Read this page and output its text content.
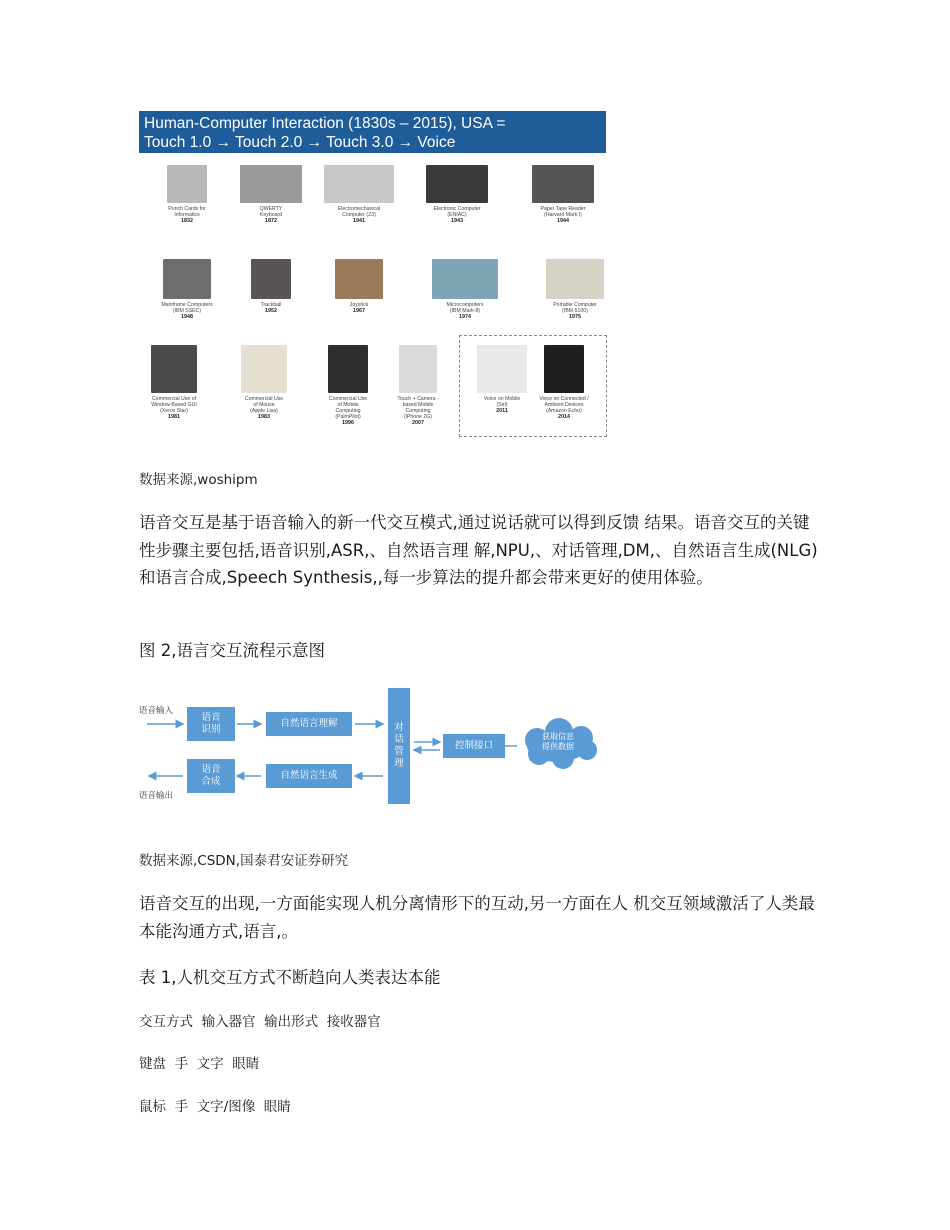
Human-Computer Interaction (1830s – 2015), USA =
Touch 1.0 → Touch 2.0 → Touch 3.0 → Voice
Punch Cards for
Informatics
1832
QWERTY
Keyboard
1872
Electromechanical
Computer (Z3)
1941
Electronic Computer
(ENIAC)
1943
Paper Tape Reader
(Harvard Mark I)
1944
Mainframe Computers
(IBM SSEC)
1948
Trackball
1952
Joystick
1967
Microcomputers
(IBM Mark-8)
1974
Portable Computer
(IBM 5100)
1975
Commercial Use of
Window-Based GUI
(Xerox Star)
1981
Commercial Use
of Mouse
(Apple Lisa)
1983
Commercial Use
of Mobile
Computing
(PalmPilot)
1996
Touch + Camera -
based Mobile
Computing
(iPhone 2G)
2007
Voice on Mobile
(Siri)
2011
Voice on Connected /
Ambient Devices
(Amazon Echo)
2014
数据来源,woshipm
语音交互是基于语音输入的新一代交互模式,通过说话就可以得到反馈 结果。语音交互的关键性步骤主要包括,语音识别,ASR,、自然语言理 解,NPU,、对话管理,DM,、自然语言生成(NLG)和语言合成,Speech Synthesis,,每一步算法的提升都会带来更好的使用体验。
图 2,语言交互流程示意图
语音输入
语音输出
语音
识别
自然语言理解	对
话
管
理
控制接口
获取信息
提供数据
语音
合成
自然语言生成
数据来源,CSDN,国泰君安证券研究
语音交互的出现,一方面能实现人机分离情形下的互动,另一方面在人 机交互领域激活了人类最本能沟通方式,语言,。
表 1,人机交互方式不断趋向人类表达本能
交互方式  输入器官  输出形式  接收器官
键盘  手  文字  眼睛
鼠标  手  文字/图像  眼睛
